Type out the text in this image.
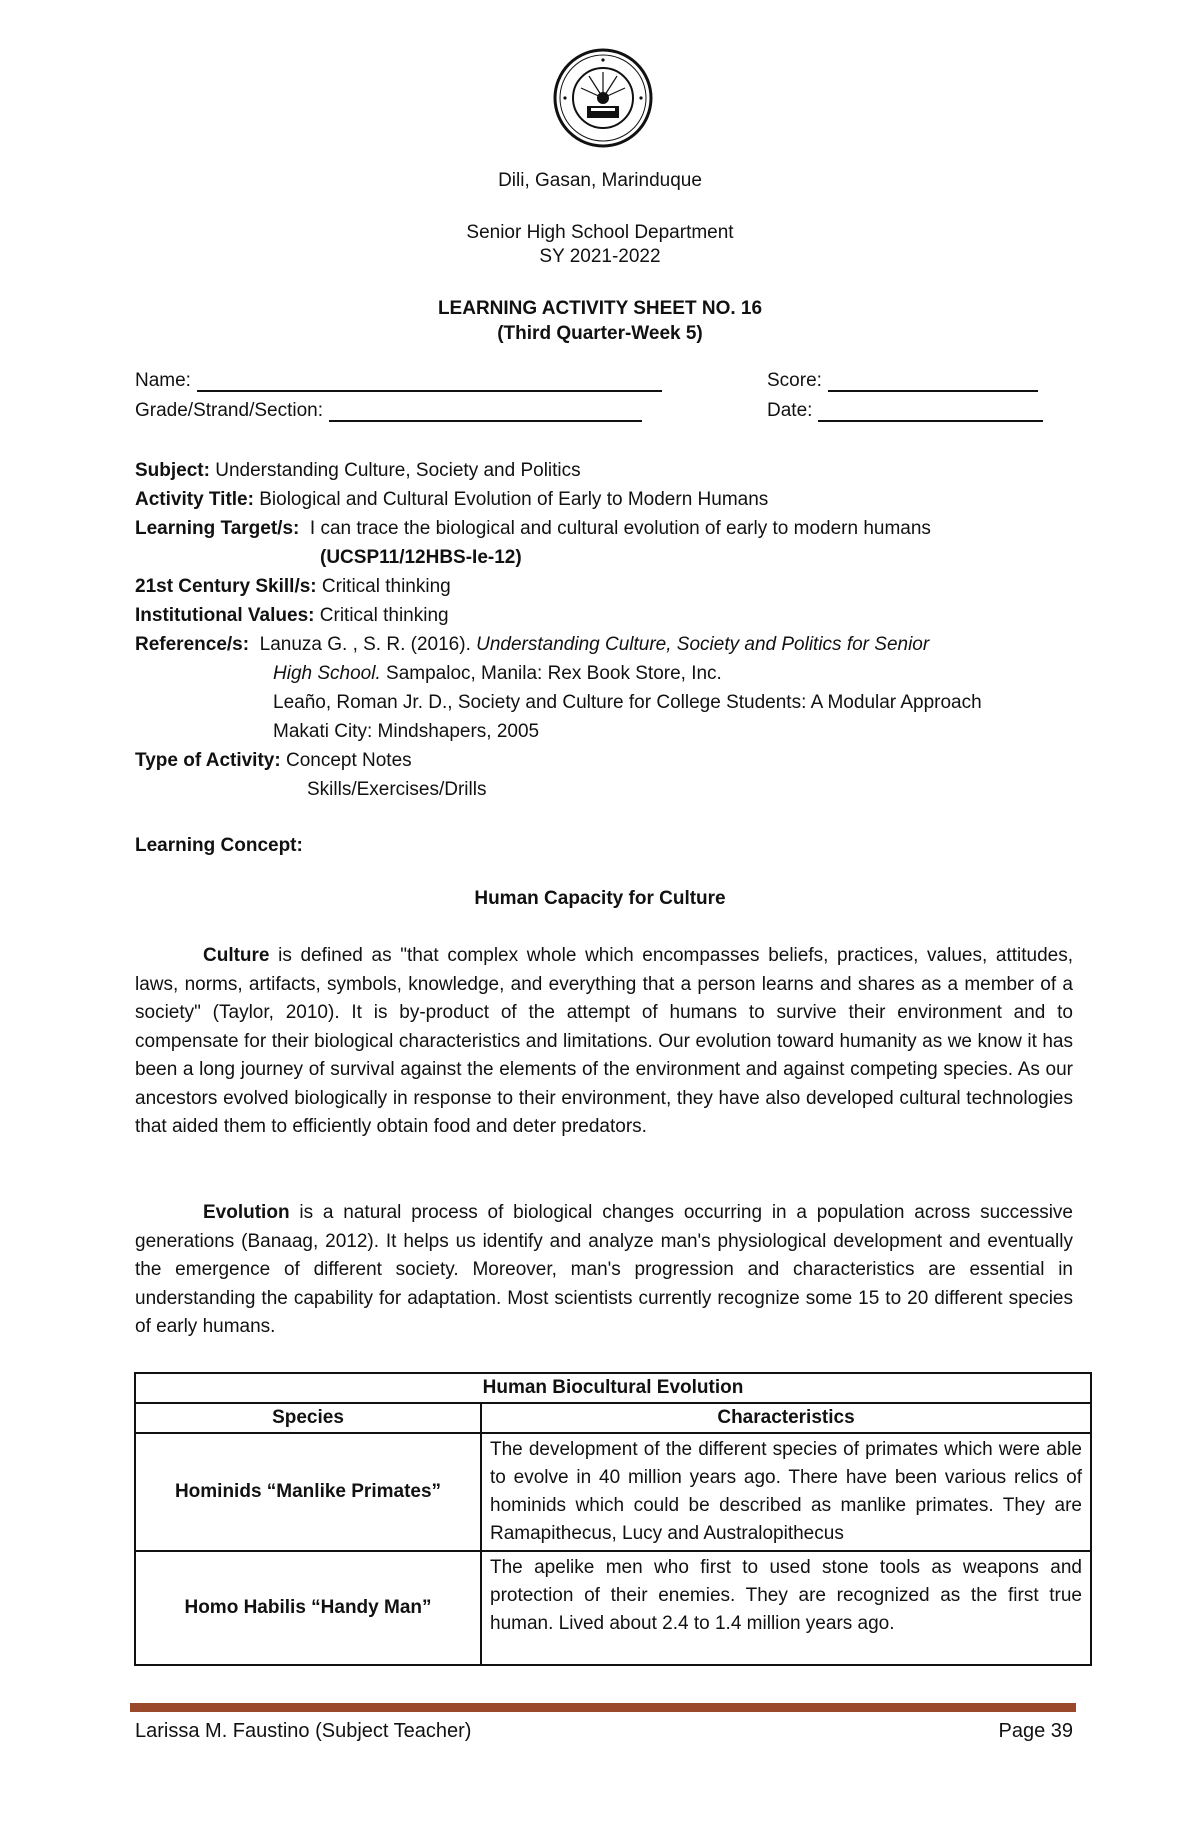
Dili, Gasan, Marinduque
Senior High School Department
SY 2021-2022
LEARNING ACTIVITY SHEET NO. 16
(Third Quarter-Week 5)
Name:	Score:
Grade/Strand/Section:	Date:
Subject: Understanding Culture, Society and Politics
Activity Title: Biological and Cultural Evolution of Early to Modern Humans
Learning Target/s: I can trace the biological and cultural evolution of early to modern humans
(UCSP11/12HBS-Ie-12)
21st Century Skill/s: Critical thinking
Institutional Values: Critical thinking
Reference/s: Lanuza G. , S. R. (2016). Understanding Culture, Society and Politics for Senior
High School. Sampaloc, Manila: Rex Book Store, Inc.
Leaño, Roman Jr. D., Society and Culture for College Students: A Modular Approach
Makati City: Mindshapers, 2005
Type of Activity: Concept Notes
Skills/Exercises/Drills
Learning Concept:
Human Capacity for Culture
Culture is defined as "that complex whole which encompasses beliefs, practices, values, attitudes, laws, norms, artifacts, symbols, knowledge, and everything that a person learns and shares as a member of a society" (Taylor, 2010). It is by-product of the attempt of humans to survive their environment and to compensate for their biological characteristics and limitations. Our evolution toward humanity as we know it has been a long journey of survival against the elements of the environment and against competing species. As our ancestors evolved biologically in response to their environment, they have also developed cultural technologies that aided them to efficiently obtain food and deter predators.
Evolution is a natural process of biological changes occurring in a population across successive generations (Banaag, 2012). It helps us identify and analyze man's physiological development and eventually the emergence of different society. Moreover, man's progression and characteristics are essential in understanding the capability for adaptation. Most scientists currently recognize some 15 to 20 different species of early humans.
Human Biocultural Evolution	
Species	Characteristics
Hominids “Manlike Primates”	The development of the different species of primates which were able to evolve in 40 million years ago. There have been various relics of hominids which could be described as manlike primates. They are Ramapithecus, Lucy and Australopithecus
Homo Habilis “Handy Man”	The apelike men who first to used stone tools as weapons and protection of their enemies. They are recognized as the first true human. Lived about 2.4 to 1.4 million years ago.
Larissa M. Faustino (Subject Teacher)	Page 39
